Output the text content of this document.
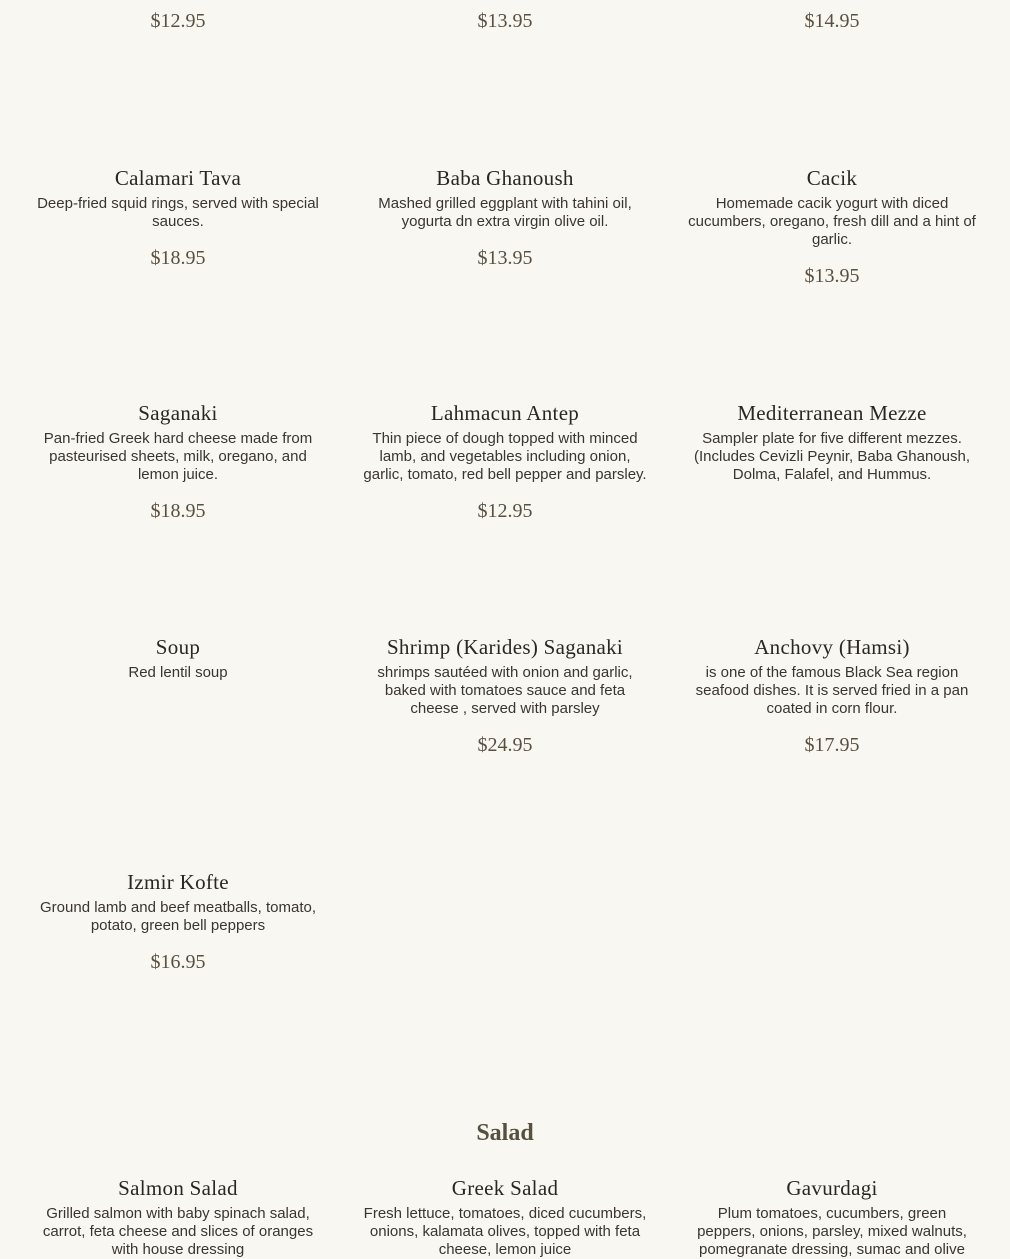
$12.95	$13.95	$14.95
Calamari Tava
Deep-fried squid rings, served with special sauces.
$18.95
Baba Ghanoush
Mashed grilled eggplant with tahini oil, yogurta dn extra virgin olive oil.
$13.95
Cacik
Homemade cacik yogurt with diced cucumbers, oregano, fresh dill and a hint of garlic.
$13.95
Saganaki
Pan-fried Greek hard cheese made from pasteurised sheets, milk, oregano, and lemon juice.
$18.95
Lahmacun Antep
Thin piece of dough topped with minced lamb, and vegetables including onion, garlic, tomato, red bell pepper and parsley.
$12.95
Mediterranean Mezze
Sampler plate for five different mezzes. (Includes Cevizli Peynir, Baba Ghanoush, Dolma, Falafel, and Hummus.
Soup
Red lentil soup
Shrimp (Karides) Saganaki
shrimps sautéed with onion and garlic, baked with tomatoes sauce and feta cheese , served with parsley
$24.95
Anchovy (Hamsi)
is one of the famous Black Sea region seafood dishes. It is served fried in a pan coated in corn flour.
$17.95
Izmir Kofte
Ground lamb and beef meatballs, tomato, potato, green bell peppers
$16.95
Salad
Salmon Salad
Grilled salmon with baby spinach salad, carrot, feta cheese and slices of oranges with house dressing
Greek Salad
Fresh lettuce, tomatoes, diced cucumbers, onions, kalamata olives, topped with feta cheese, lemon juice
Gavurdagi
Plum tomatoes, cucumbers, green peppers, onions, parsley, mixed walnuts, pomegranate dressing, sumac and olive
